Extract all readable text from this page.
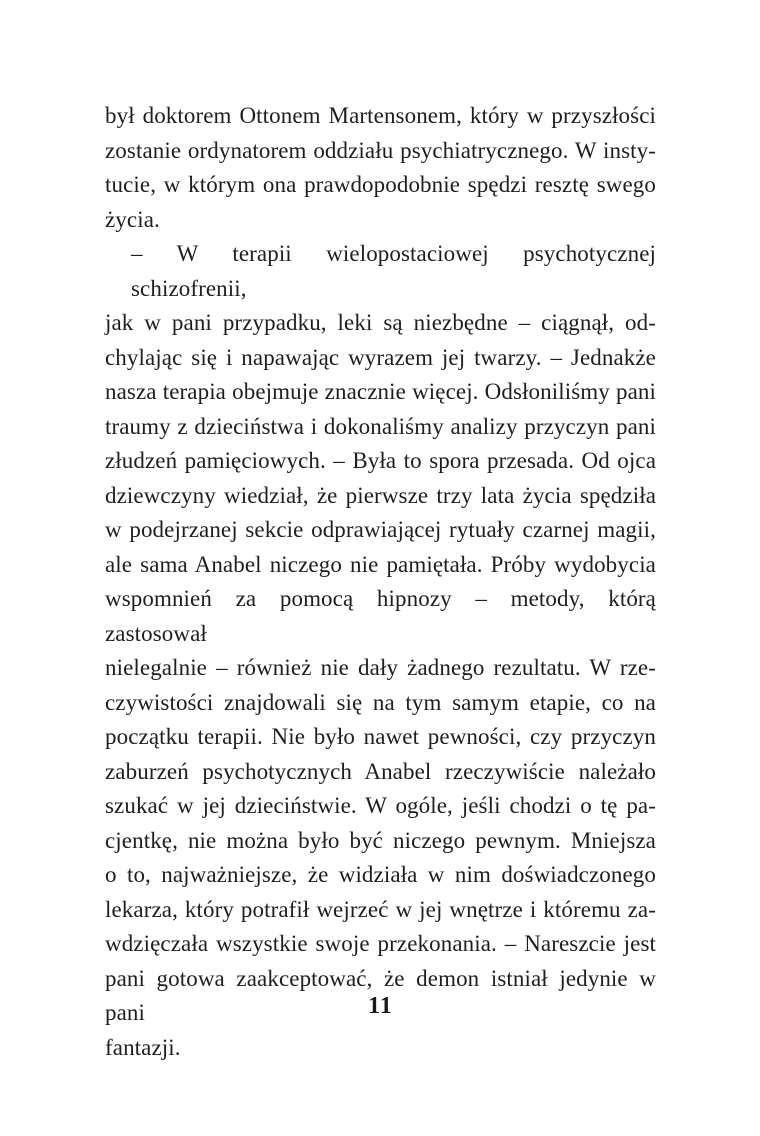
był doktorem Ottonem Martensonem, który w przyszłości
zostanie ordynatorem oddziału psychiatrycznego. W insty-
tucie, w którym ona prawdopodobnie spędzi resztę swego
życia.
– W terapii wielopostaciowej psychotycznej schizofrenii,
jak w pani przypadku, leki są niezbędne – ciągnął, od-
chylając się i napawając wyrazem jej twarzy. – Jednakże
nasza terapia obejmuje znacznie więcej. Odsłoniliśmy pani
traumy z dzieciństwa i dokonaliśmy analizy przyczyn pani
złudzeń pamięciowych. – Była to spora przesada. Od ojca
dziewczyny wiedział, że pierwsze trzy lata życia spędziła
w podejrzanej sekcie odprawiającej rytuały czarnej magii,
ale sama Anabel niczego nie pamiętała. Próby wydobycia
wspomnień za pomocą hipnozy – metody, którą zastosował
nielegalnie – również nie dały żadnego rezultatu. W rze-
czywistości znajdowali się na tym samym etapie, co na
początku terapii. Nie było nawet pewności, czy przyczyn
zaburzeń psychotycznych Anabel rzeczywiście należało
szukać w jej dzieciństwie. W ogóle, jeśli chodzi o tę pa-
cjentkę, nie można było być niczego pewnym. Mniejsza
o to, najważniejsze, że widziała w nim doświadczonego
lekarza, który potrafił wejrzeć w jej wnętrze i któremu za-
wdzięczała wszystkie swoje przekonania. – Nareszcie jest
pani gotowa zaakceptować, że demon istniał jedynie w pani
fantazji.
11
